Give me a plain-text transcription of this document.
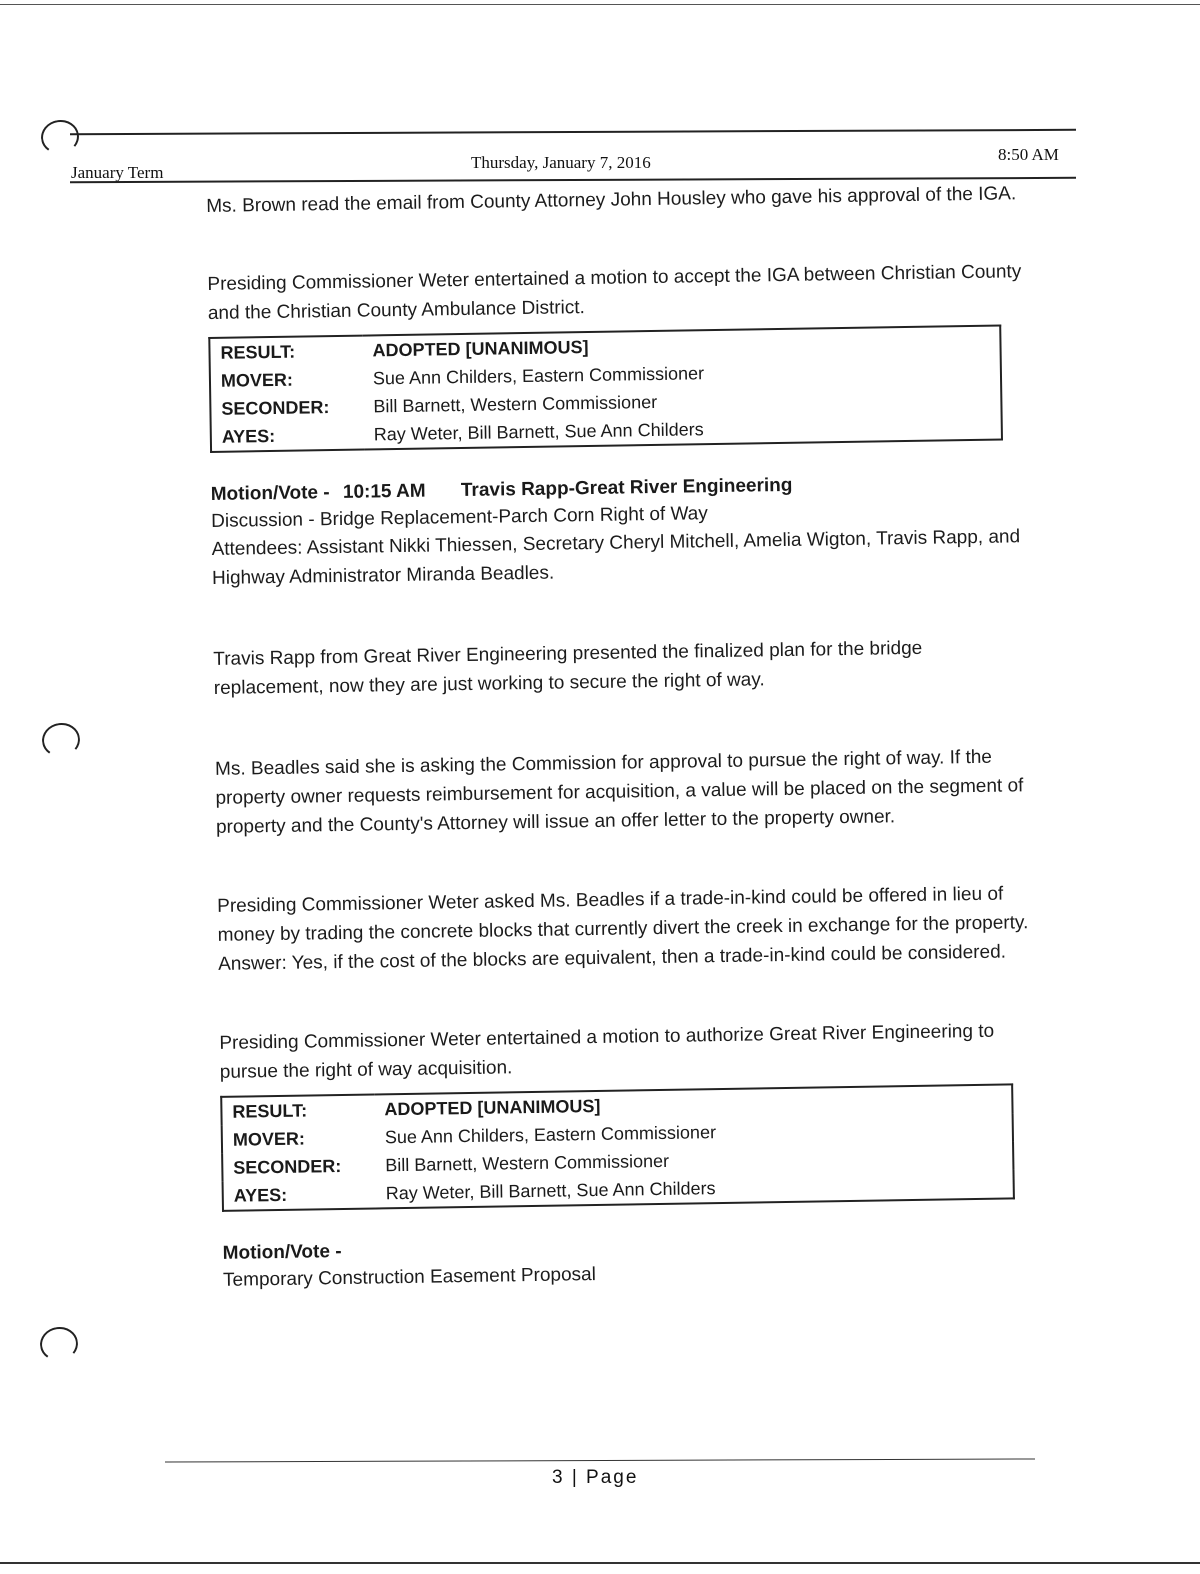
January Term
Thursday, January 7, 2016	8:50 AM

Ms. Brown read the email from County Attorney John Housley who gave his approval of the IGA.

Presiding Commissioner Weter entertained a motion to accept the IGA between Christian County and the Christian County Ambulance District.

RESULT:	ADOPTED [UNANIMOUS]
MOVER:	Sue Ann Childers, Eastern Commissioner
SECONDER:	Bill Barnett, Western Commissioner
AYES:	Ray Weter, Bill Barnett, Sue Ann Childers
Motion/Vote - 10:15 AM Travis Rapp-Great River Engineering

Discussion - Bridge Replacement-Parch Corn Right of Way

Attendees: Assistant Nikki Thiessen, Secretary Cheryl Mitchell, Amelia Wigton, Travis Rapp, and Highway Administrator Miranda Beadles.

Travis Rapp from Great River Engineering presented the finalized plan for the bridge replacement, now they are just working to secure the right of way.

Ms. Beadles said she is asking the Commission for approval to pursue the right of way. If the property owner requests reimbursement for acquisition, a value will be placed on the segment of property and the County's Attorney will issue an offer letter to the property owner.

Presiding Commissioner Weter asked Ms. Beadles if a trade-in-kind could be offered in lieu of money by trading the concrete blocks that currently divert the creek in exchange for the property. Answer: Yes, if the cost of the blocks are equivalent, then a trade-in-kind could be considered.

Presiding Commissioner Weter entertained a motion to authorize Great River Engineering to pursue the right of way acquisition.

RESULT:	ADOPTED [UNANIMOUS]
MOVER:	Sue Ann Childers, Eastern Commissioner
SECONDER:	Bill Barnett, Western Commissioner
AYES:	Ray Weter, Bill Barnett, Sue Ann Childers
Motion/Vote -

Temporary Construction Easement Proposal

3 | Page
